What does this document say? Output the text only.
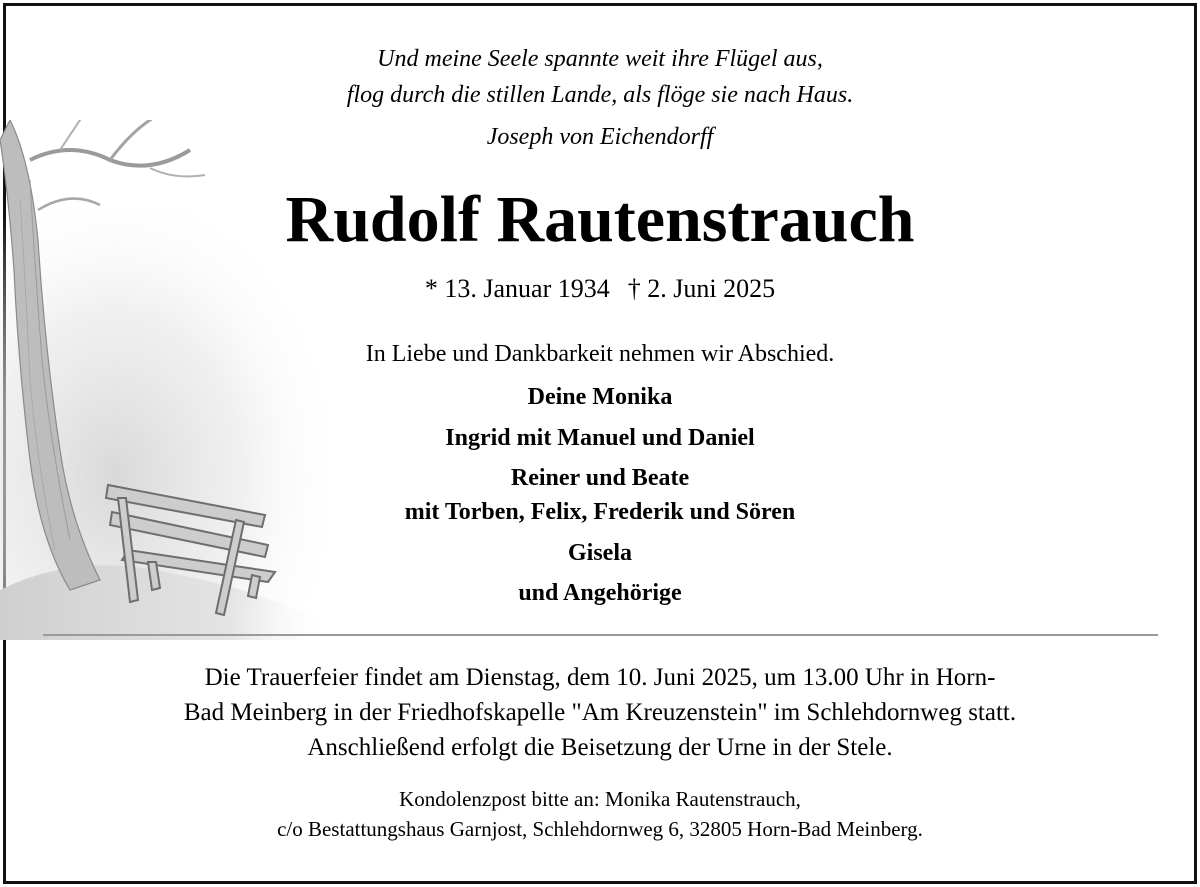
Und meine Seele spannte weit ihre Flügel aus,
flog durch die stillen Lande, als flöge sie nach Haus.
Joseph von Eichendorff
Rudolf Rautenstrauch
* 13. Januar 1934 † 2. Juni 2025
In Liebe und Dankbarkeit nehmen wir Abschied.
Deine Monika
Ingrid mit Manuel und Daniel
Reiner und Beate
mit Torben, Felix, Frederik und Sören
Gisela
und Angehörige
Die Trauerfeier findet am Dienstag, dem 10. Juni 2025, um 13.00 Uhr in Horn-
Bad Meinberg in der Friedhofskapelle "Am Kreuzenstein" im Schlehdornweg statt.
Anschließend erfolgt die Beisetzung der Urne in der Stele.
Kondolenzpost bitte an: Monika Rautenstrauch,
c/o Bestattungshaus Garnjost, Schlehdornweg 6, 32805 Horn-Bad Meinberg.
